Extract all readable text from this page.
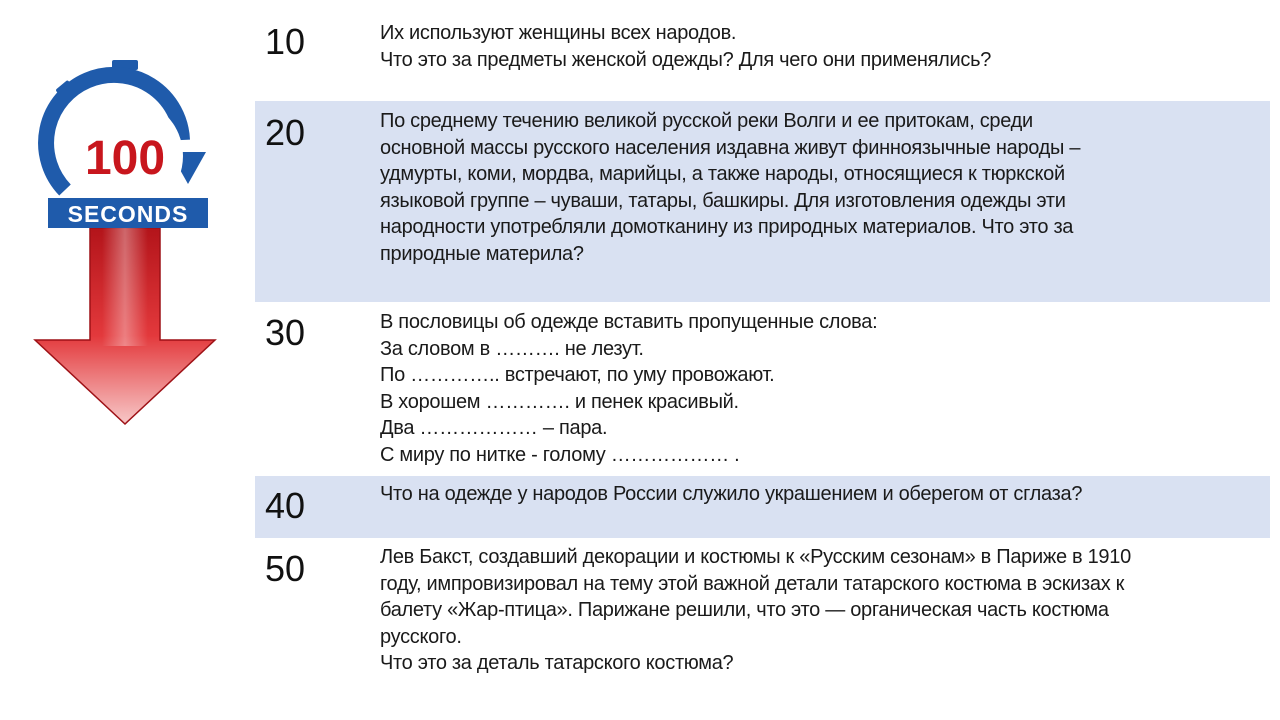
100
SECONDS
10	Их используют женщины всех народов.
Что это за предметы женской одежды? Для чего они применялись?
20	По среднему течению великой русской реки Волги и ее притокам, среди
основной массы русского населения издавна живут финноязычные народы –
удмурты, коми, мордва, марийцы, а также народы, относящиеся к тюркской
языковой группе – чуваши, татары, башкиры. Для изготовления одежды эти
народности употребляли домотканину из природных материалов. Что это за
природные материла?
30	В пословицы об одежде вставить пропущенные слова:
За словом в ………. не лезут.
По ………….. встречают, по уму провожают.
В хорошем …………. и пенек красивый.
Два ……………… – пара.
С миру по нитке - голому ……………… .
40	Что на одежде у народов России служило украшением и оберегом от сглаза?
50	Лев Бакст, создавший декорации и костюмы к «Русским сезонам» в Париже в 1910
году, импровизировал на тему этой важной детали татарского костюма в эскизах к
балету «Жар-птица». Парижане решили, что это — органическая часть костюма
русского.
Что это за деталь татарского костюма?
